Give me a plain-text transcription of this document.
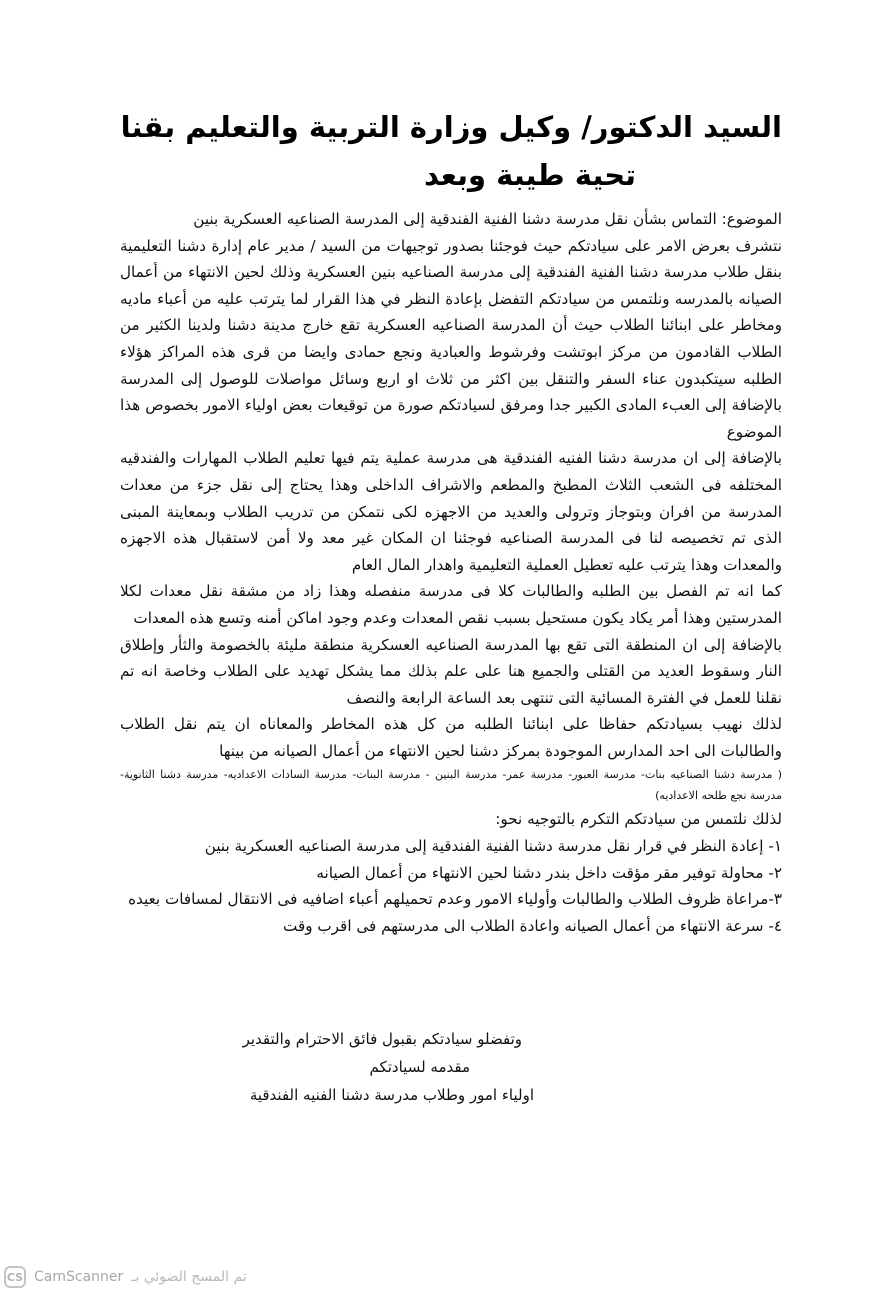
السيد الدكتور/ وكيل وزارة التربية والتعليم بقنا
تحية طيبة وبعد

الموضوع: التماس بشأن نقل مدرسة دشنا الفنية الفندقية إلى المدرسة الصناعيه العسكرية بنين

نتشرف بعرض الامر على سيادتكم حيث فوجئنا بصدور توجيهات من السيد / مدير عام إدارة دشنا التعليمية بنقل طلاب مدرسة دشنا الفنية الفندقية إلى مدرسة الصناعيه بنين العسكرية وذلك لحين الانتهاء من أعمال الصيانه بالمدرسه ونلتمس من سيادتكم التفضل بإعادة النظر في هذا القرار لما يترتب عليه من أعباء ماديه ومخاطر على ابنائنا الطلاب حيث أن المدرسة الصناعيه العسكرية تقع خارج مدينة دشنا ولدينا الكثير من الطلاب القادمون من مركز ابوتشت وفرشوط والعبادية ونجع حمادى وايضا من قرى هذه المراكز هؤلاء الطلبه سيتكبدون عناء السفر والتنقل بين اكثر من ثلاث او اربع وسائل مواصلات للوصول إلى المدرسة بالإضافة إلى العبء المادى الكبير جدا ومرفق لسيادتكم صورة من توقيعات بعض اولياء الامور بخصوص هذا الموضوع

بالإضافة إلى ان مدرسة دشنا الفنيه الفندقية هى مدرسة عملية يتم فيها تعليم الطلاب المهارات والفندقيه المختلفه فى الشعب الثلاث المطبخ والمطعم والاشراف الداخلى وهذا يحتاج إلى نقل جزء من معدات المدرسة من افران وبتوجاز وترولى والعديد من الاجهزه لكى نتمكن من تدريب الطلاب وبمعاينة المبنى الذى تم تخصيصه لنا فى المدرسة الصناعيه فوجئنا ان المكان غير معد ولا أمن لاستقبال هذه الاجهزه والمعدات وهذا يترتب عليه تعطيل العملية التعليمية واهدار المال العام

كما انه تم الفصل بين الطلبه والطالبات كلا فى مدرسة منفصله وهذا زاد من مشقة نقل معدات لكلا المدرستين وهذا أمر يكاد يكون مستحيل بسبب نقص المعدات وعدم وجود اماكن أمنه وتسع هذه المعدات

بالإضافة إلى ان المنطقة التى تقع بها المدرسة الصناعيه العسكرية منطقة مليئة بالخصومة والثأر وإطلاق النار وسقوط العديد من القتلى والجميع هنا على علم بذلك مما يشكل تهديد على الطلاب وخاصة انه تم نقلنا للعمل في الفترة المسائية التى تنتهى بعد الساعة الرابعة والنصف

لذلك نهيب بسيادتكم حفاظا على ابنائنا الطلبه من كل هذه المخاطر والمعاناه ان يتم نقل الطلاب والطالبات الى احد المدارس الموجودة بمركز دشنا لحين الانتهاء من أعمال الصيانه من بينها

( مدرسة دشنا الصناعيه بنات- مدرسة العبور- مدرسة عمر- مدرسة البنين - مدرسة البنات- مدرسة السادات الاعداديه- مدرسة دشنا الثانوية- مدرسة نجع طلحه الاعداديه)

لذلك نلتمس من سيادتكم التكرم بالتوجيه نحو:

١- إعادة النظر في قرار نقل مدرسة دشنا الفنية الفندقية إلى مدرسة الصناعيه العسكرية بنين

٢- محاولة توفير مقر مؤقت داخل بندر دشنا لحين الانتهاء من أعمال الصيانه

٣-مراعاة ظروف الطلاب والطالبات وأولياء الامور وعدم تحميلهم أعباء اضافيه فى الانتقال لمسافات بعيده

٤- سرعة الانتهاء من أعمال الصيانه واعادة الطلاب الى مدرستهم فى اقرب وقت

وتفضلو سيادتكم بقبول فائق الاحترام والتقدير
مقدمه لسيادتكم
اولياء امور وطلاب مدرسة دشنا الفنيه الفندقية
CS CamScanner تم المسح الضوئي بـ
